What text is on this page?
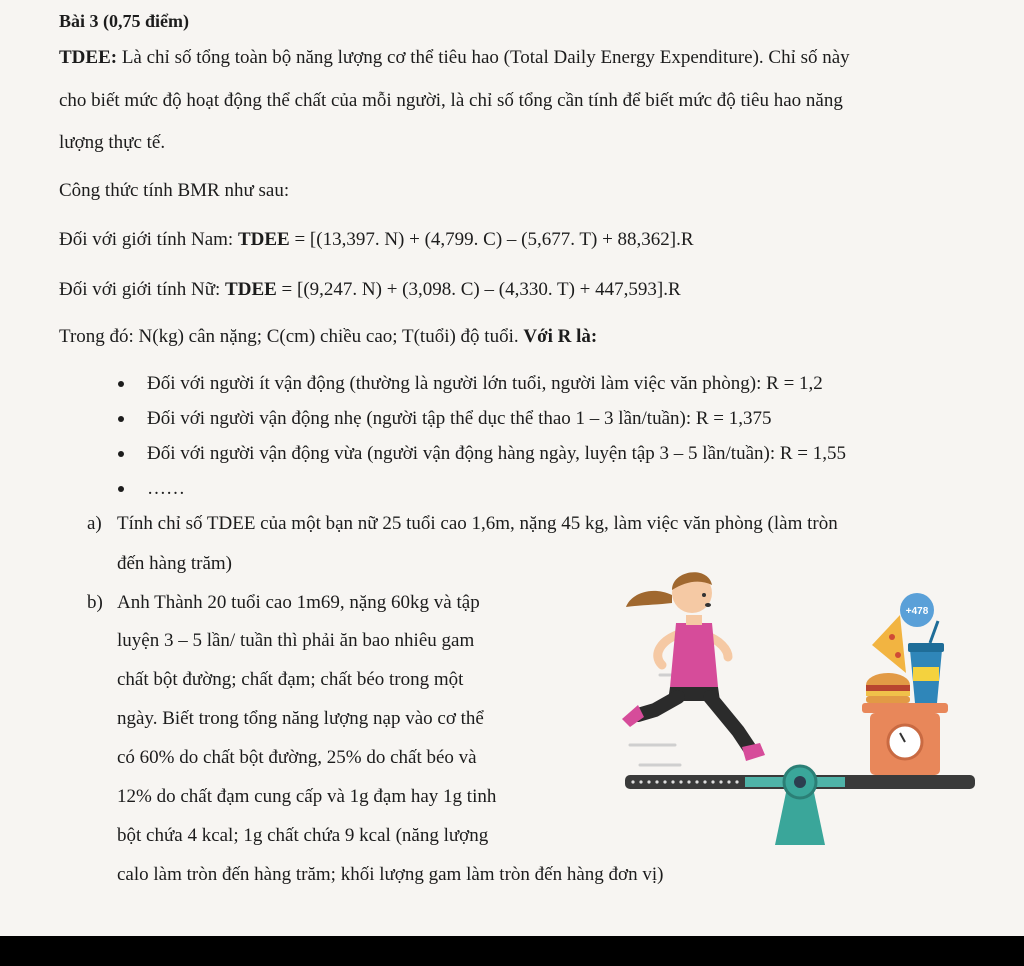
Bài 3 (0,75 điểm)
TDEE: Là chỉ số tổng toàn bộ năng lượng cơ thể tiêu hao (Total Daily Energy Expenditure). Chỉ số này
cho biết mức độ hoạt động thể chất của mỗi người, là chỉ số tổng cần tính để biết mức độ tiêu hao năng
lượng thực tế.
Công thức tính BMR như sau:
Đối với giới tính Nam: TDEE = [(13,397. N) + (4,799. C) – (5,677. T) + 88,362].R
Đối với giới tính Nữ: TDEE = [(9,247. N) + (3,098. C) – (4,330. T) + 447,593].R
Trong đó: N(kg) cân nặng; C(cm) chiều cao; T(tuổi) độ tuổi. Với R là:
Đối với người ít vận động (thường là người lớn tuổi, người làm việc văn phòng): R = 1,2
Đối với người vận động nhẹ (người tập thể dục thể thao 1 – 3 lần/tuần): R = 1,375
Đối với người vận động vừa (người vận động hàng ngày, luyện tập 3 – 5 lần/tuần): R = 1,55
……
a) Tính chỉ số TDEE của một bạn nữ 25 tuổi cao 1,6m, nặng 45 kg, làm việc văn phòng (làm tròn
đến hàng trăm)
b) Anh Thành 20 tuổi cao 1m69, nặng 60kg và tập
luyện 3 – 5 lần/ tuần thì phải ăn bao nhiêu gam
chất bột đường; chất đạm; chất béo trong một
ngày. Biết trong tổng năng lượng nạp vào cơ thể
có 60% do chất bột đường, 25% do chất béo và
12% do chất đạm cung cấp và 1g đạm hay 1g tinh
bột chứa 4 kcal; 1g chất chứa 9 kcal (năng lượng
calo làm tròn đến hàng trăm; khối lượng gam làm tròn đến hàng đơn vị)
+478
